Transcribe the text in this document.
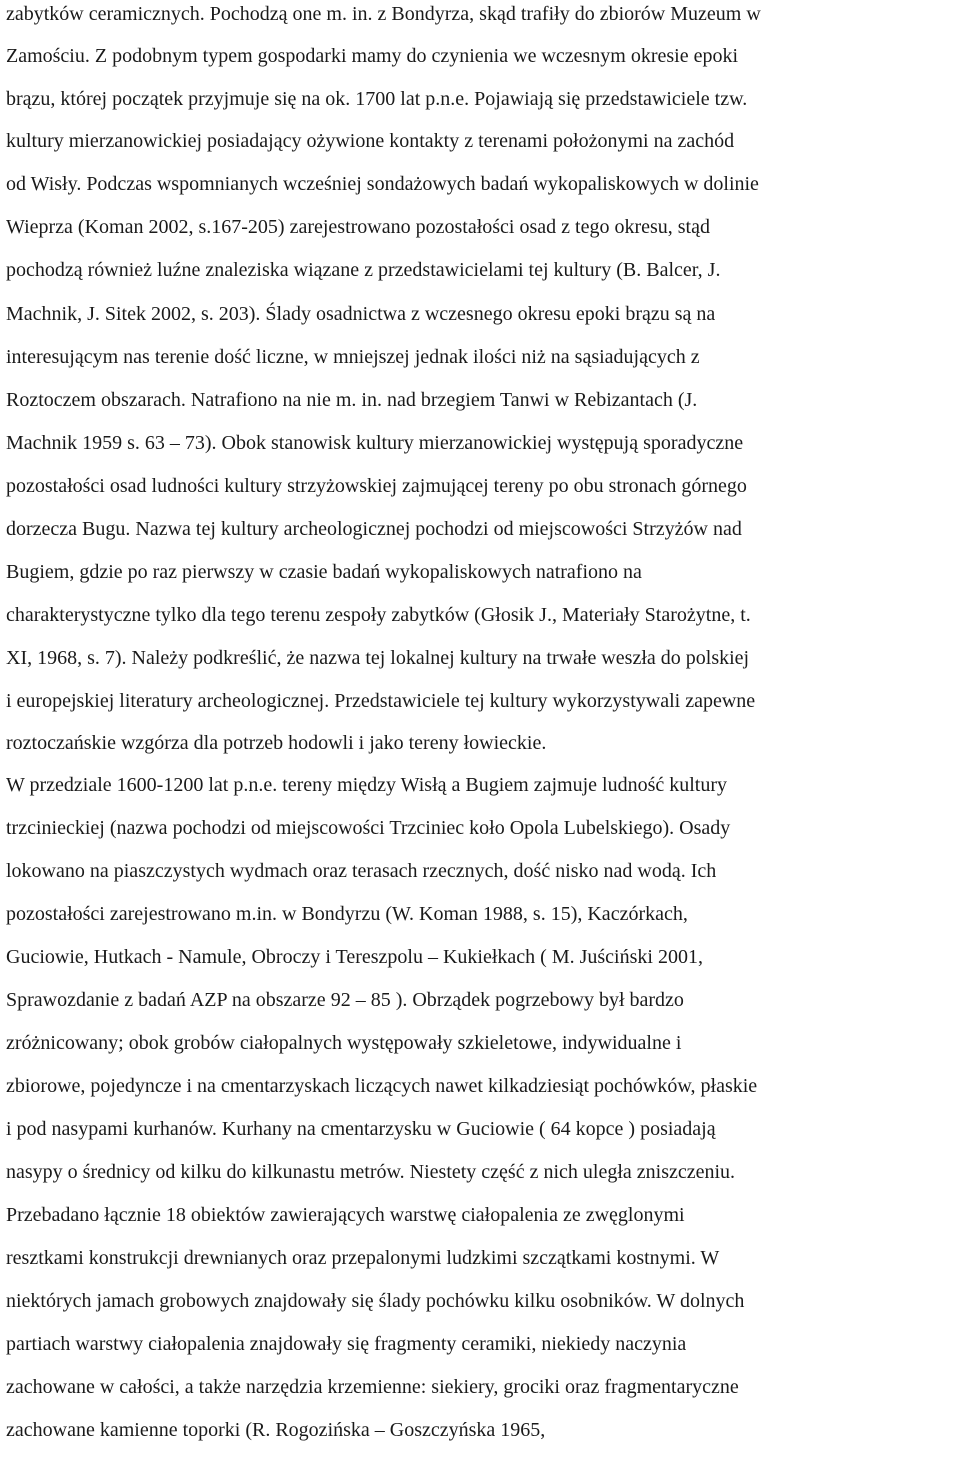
zabytków ceramicznych. Pochodzą one m. in. z Bondyrza, skąd trafiły do zbiorów Muzeum w
Zamościu. Z podobnym typem gospodarki mamy do czynienia we wczesnym okresie epoki
brązu, której początek przyjmuje się na ok. 1700 lat p.n.e. Pojawiają się przedstawiciele tzw.
kultury mierzanowickiej posiadający ożywione kontakty z terenami położonymi na zachód
od Wisły. Podczas wspomnianych wcześniej sondażowych badań wykopaliskowych w dolinie
Wieprza (Koman 2002, s.167-205) zarejestrowano pozostałości osad z tego okresu, stąd
pochodzą również luźne znaleziska wiązane z przedstawicielami tej kultury (B. Balcer, J.
Machnik, J. Sitek 2002, s. 203). Ślady osadnictwa z wczesnego okresu epoki brązu są na
interesującym nas terenie dość liczne, w mniejszej jednak ilości niż na sąsiadujących z
Roztoczem obszarach. Natrafiono na nie m. in. nad brzegiem Tanwi w Rebizantach (J.
Machnik 1959 s. 63 ‒ 73). Obok stanowisk kultury mierzanowickiej występują sporadyczne
pozostałości osad ludności kultury strzyżowskiej zajmującej tereny po obu stronach górnego
dorzecza Bugu. Nazwa tej kultury archeologicznej pochodzi od miejscowości Strzyżów nad
Bugiem, gdzie po raz pierwszy w czasie badań wykopaliskowych natrafiono na
charakterystyczne tylko dla tego terenu zespoły zabytków (Głosik J., Materiały Starożytne, t.
XI, 1968, s. 7). Należy podkreślić, że nazwa tej lokalnej kultury na trwałe weszła do polskiej
i europejskiej literatury archeologicznej. Przedstawiciele tej kultury wykorzystywali zapewne
roztoczańskie wzgórza dla potrzeb hodowli i jako tereny łowieckie.
W przedziale 1600-1200 lat p.n.e. tereny między Wisłą a Bugiem zajmuje ludność kultury
trzcinieckiej (nazwa pochodzi od miejscowości Trzciniec koło Opola Lubelskiego). Osady
lokowano na piaszczystych wydmach oraz terasach rzecznych, dość nisko nad wodą. Ich
pozostałości zarejestrowano m.in. w Bondyrzu (W. Koman 1988, s. 15), Kaczórkach,
Guciowie, Hutkach - Namule, Obroczy i Tereszpolu ‒ Kukiełkach ( M. Juściński 2001,
Sprawozdanie z badań AZP na obszarze 92 ‒ 85 ). Obrządek pogrzebowy był bardzo
zróżnicowany; obok grobów ciałopalnych występowały szkieletowe, indywidualne i
zbiorowe, pojedyncze i na cmentarzyskach liczących nawet kilkadziesiąt pochówków, płaskie
i pod nasypami kurhanów. Kurhany na cmentarzysku w Guciowie ( 64 kopce ) posiadają
nasypy o średnicy od kilku do kilkunastu metrów. Niestety część z nich uległa zniszczeniu.
Przebadano łącznie 18 obiektów zawierających warstwę ciałopalenia ze zwęglonymi
resztkami konstrukcji drewnianych oraz przepalonymi ludzkimi szczątkami kostnymi. W
niektórych jamach grobowych znajdowały się ślady pochówku kilku osobników. W dolnych
partiach warstwy ciałopalenia znajdowały się fragmenty ceramiki, niekiedy naczynia
zachowane w całości, a także narzędzia krzemienne: siekiery, grociki oraz fragmentaryczne
zachowane kamienne toporki (R. Rogozińska ‒ Goszczyńska 1965,
